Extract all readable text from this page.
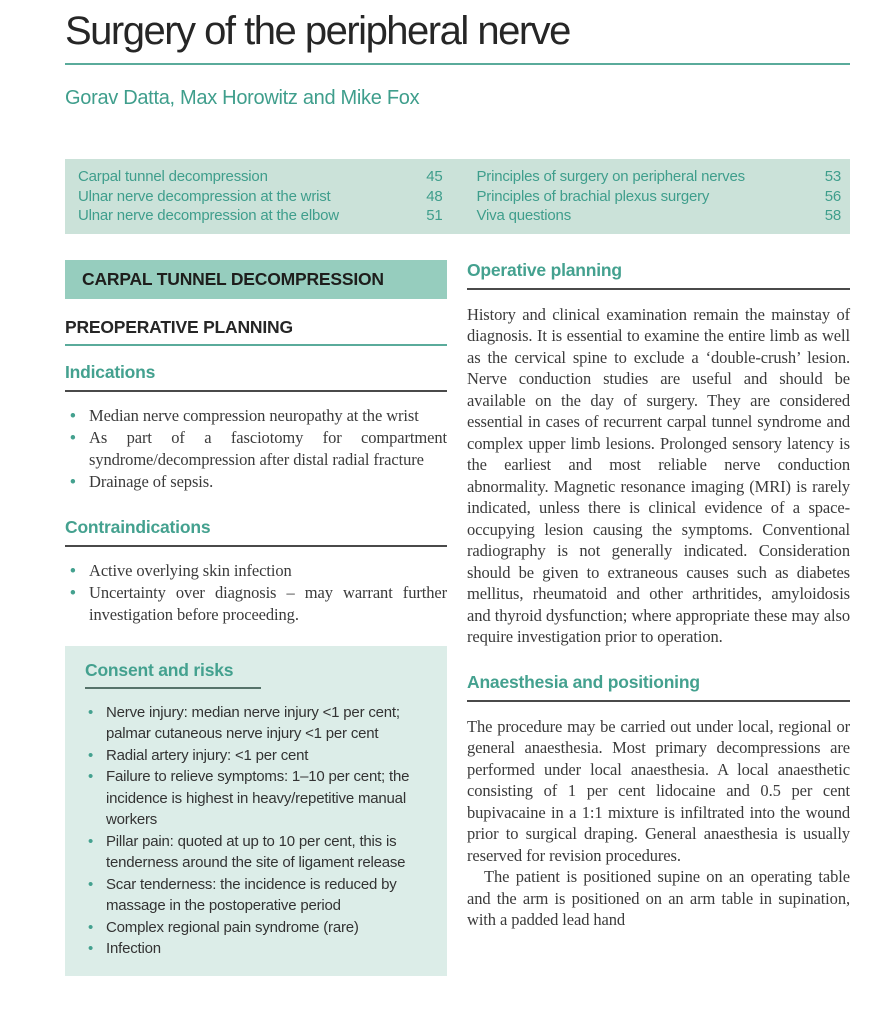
Surgery of the peripheral nerve
Gorav Datta, Max Horowitz and Mike Fox
Carpal tunnel decompression	45
Ulnar nerve decompression at the wrist	48
Ulnar nerve decompression at the elbow	51
Principles of surgery on peripheral nerves	53
Principles of brachial plexus surgery	56
Viva questions	58
CARPAL TUNNEL DECOMPRESSION
PREOPERATIVE PLANNING
Indications
• Median nerve compression neuropathy at the wrist
• As part of a fasciotomy for compartment syndrome/decompression after distal radial fracture
• Drainage of sepsis.
Contraindications
• Active overlying skin infection
• Uncertainty over diagnosis – may warrant further investigation before proceeding.
Consent and risks
• Nerve injury: median nerve injury <1 per cent; palmar cutaneous nerve injury <1 per cent
• Radial artery injury: <1 per cent
• Failure to relieve symptoms: 1–10 per cent; the incidence is highest in heavy/repetitive manual workers
• Pillar pain: quoted at up to 10 per cent, this is tenderness around the site of ligament release
• Scar tenderness: the incidence is reduced by massage in the postoperative period
• Complex regional pain syndrome (rare)
• Infection
Operative planning

History and clinical examination remain the mainstay of diagnosis. It is essential to examine the entire limb as well as the cervical spine to exclude a ‘double-crush’ lesion. Nerve conduction studies are useful and should be available on the day of surgery. They are considered essential in cases of recurrent carpal tunnel syndrome and complex upper limb lesions. Prolonged sensory latency is the earliest and most reliable nerve conduction abnormality. Magnetic resonance imaging (MRI) is rarely indicated, unless there is clinical evidence of a space-occupying lesion causing the symptoms. Conventional radiography is not generally indicated. Consideration should be given to extraneous causes such as diabetes mellitus, rheumatoid and other arthritides, amyloidosis and thyroid dysfunction; where appropriate these may also require investigation prior to operation.

Anaesthesia and positioning

The procedure may be carried out under local, regional or general anaesthesia. Most primary decompressions are performed under local anaesthesia. A local anaesthetic consisting of 1 per cent lidocaine and 0.5 per cent bupivacaine in a 1:1 mixture is infiltrated into the wound prior to surgical draping. General anaesthesia is usually reserved for revision procedures.

The patient is positioned supine on an operating table and the arm is positioned on an arm table in supination, with a padded lead hand
